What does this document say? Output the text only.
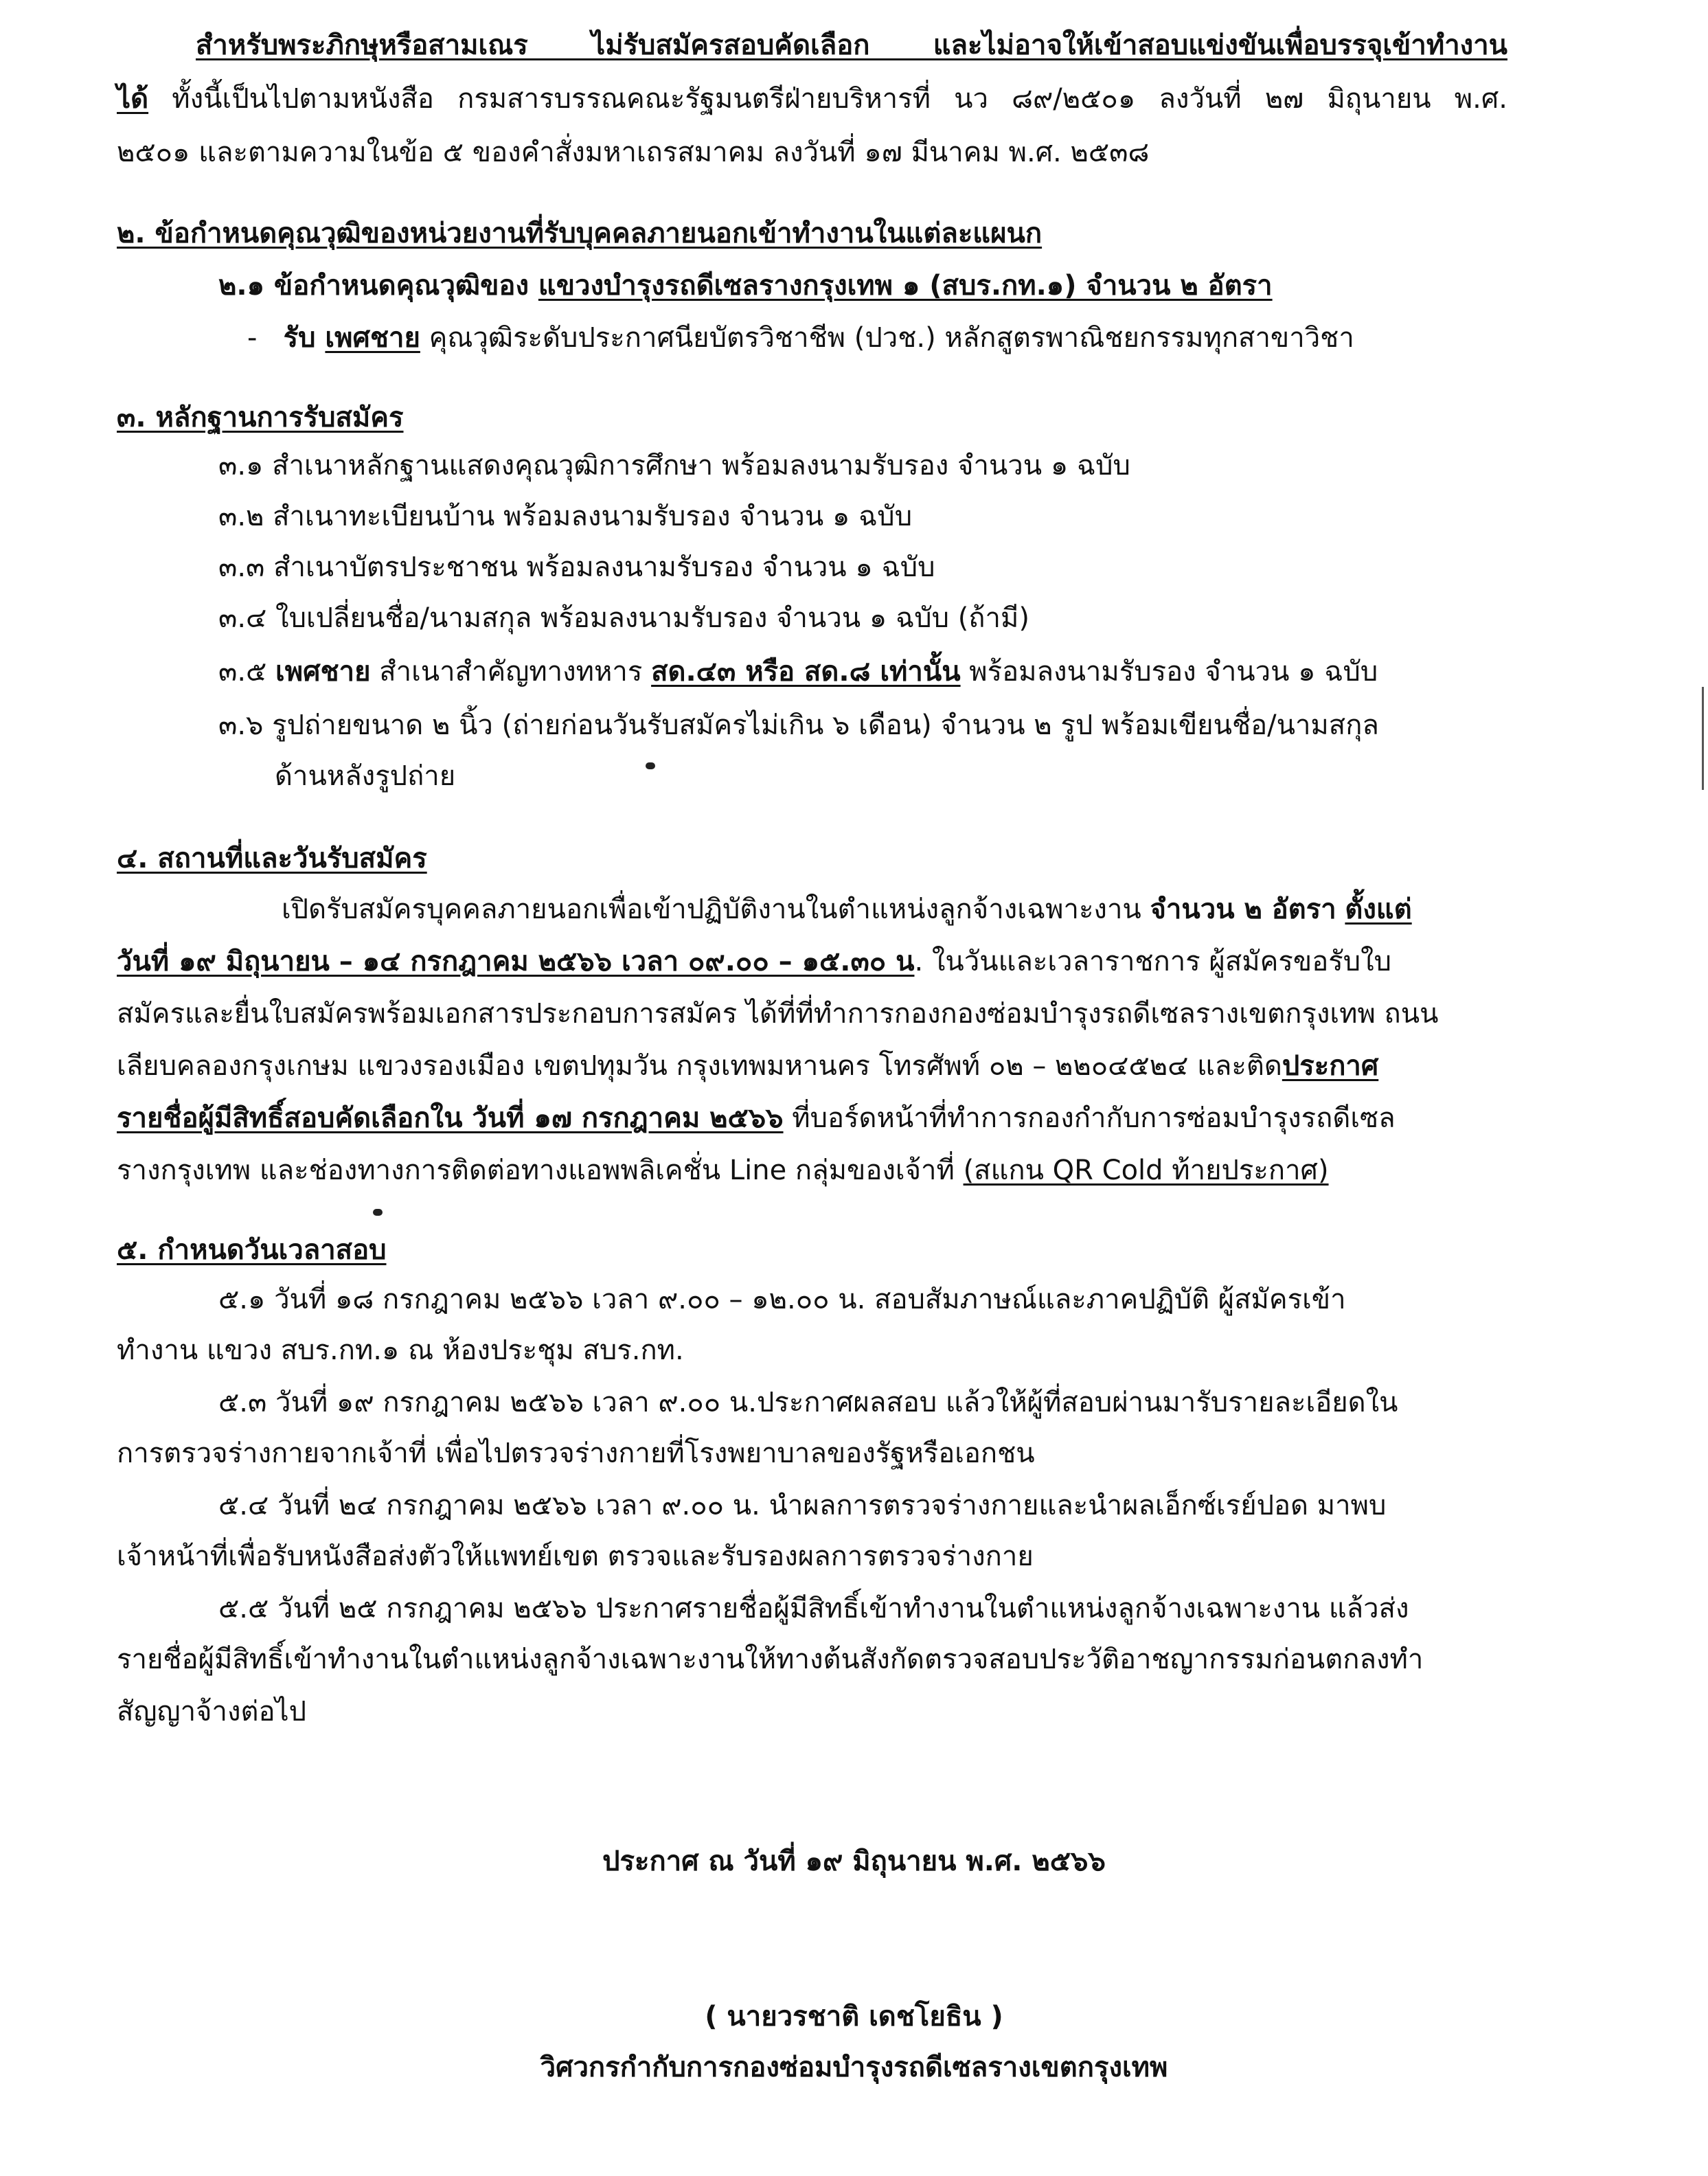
สำหรับพระภิกษุหรือสามเณร ไม่รับสมัครสอบคัดเลือก และไม่อาจให้เข้าสอบแข่งขันเพื่อบรรจุเข้าทำงาน
ได้ ทั้งนี้เป็นไปตามหนังสือ กรมสารบรรณคณะรัฐมนตรีฝ่ายบริหารที่ นว ๘๙/๒๕๐๑ ลงวันที่ ๒๗ มิถุนายน พ.ศ.
๒๕๐๑ และตามความในข้อ ๕ ของคำสั่งมหาเถรสมาคม ลงวันที่ ๑๗ มีนาคม พ.ศ. ๒๕๓๘
๒. ข้อกำหนดคุณวุฒิของหน่วยงานที่รับบุคคลภายนอกเข้าทำงานในแต่ละแผนก
๒.๑ ข้อกำหนดคุณวุฒิของ แขวงบำรุงรถดีเซลรางกรุงเทพ ๑ (สบร.กท.๑) จำนวน ๒ อัตรา
- รับ เพศชาย คุณวุฒิระดับประกาศนียบัตรวิชาชีพ (ปวช.) หลักสูตรพาณิชยกรรมทุกสาขาวิชา
๓. หลักฐานการรับสมัคร
๓.๑ สำเนาหลักฐานแสดงคุณวุฒิการศึกษา พร้อมลงนามรับรอง จำนวน ๑ ฉบับ
๓.๒ สำเนาทะเบียนบ้าน พร้อมลงนามรับรอง จำนวน ๑ ฉบับ
๓.๓ สำเนาบัตรประชาชน พร้อมลงนามรับรอง จำนวน ๑ ฉบับ
๓.๔ ใบเปลี่ยนชื่อ/นามสกุล พร้อมลงนามรับรอง จำนวน ๑ ฉบับ (ถ้ามี)
๓.๕ เพศชาย สำเนาสำคัญทางทหาร สด.๔๓ หรือ สด.๘ เท่านั้น พร้อมลงนามรับรอง จำนวน ๑ ฉบับ
๓.๖ รูปถ่ายขนาด ๒ นิ้ว (ถ่ายก่อนวันรับสมัครไม่เกิน ๖ เดือน) จำนวน ๒ รูป พร้อมเขียนชื่อ/นามสกุล
ด้านหลังรูปถ่าย
๔. สถานที่และวันรับสมัคร
เปิดรับสมัครบุคคลภายนอกเพื่อเข้าปฏิบัติงานในตำแหน่งลูกจ้างเฉพาะงาน จำนวน ๒ อัตรา ตั้งแต่
วันที่ ๑๙ มิถุนายน – ๑๔ กรกฎาคม ๒๕๖๖ เวลา ๐๙.๐๐ – ๑๕.๓๐ น. ในวันและเวลาราชการ ผู้สมัครขอรับใบ
สมัครและยื่นใบสมัครพร้อมเอกสารประกอบการสมัคร ได้ที่ที่ทำการกองกองซ่อมบำรุงรถดีเซลรางเขตกรุงเทพ ถนน
เลียบคลองกรุงเกษม แขวงรองเมือง เขตปทุมวัน กรุงเทพมหานคร โทรศัพท์ ๐๒ – ๒๒๐๔๕๒๔ และติดประกาศ
รายชื่อผู้มีสิทธิ์สอบคัดเลือกใน วันที่ ๑๗ กรกฎาคม ๒๕๖๖ ที่บอร์ดหน้าที่ทำการกองกำกับการซ่อมบำรุงรถดีเซล
รางกรุงเทพ และช่องทางการติดต่อทางแอพพลิเคชั่น Line กลุ่มของเจ้าที่ (สแกน QR Cold ท้ายประกาศ)
๕. กำหนดวันเวลาสอบ
๕.๑ วันที่ ๑๘ กรกฎาคม ๒๕๖๖ เวลา ๙.๐๐ – ๑๒.๐๐ น. สอบสัมภาษณ์และภาคปฏิบัติ ผู้สมัครเข้า
ทำงาน แขวง สบร.กท.๑ ณ ห้องประชุม สบร.กท.
๕.๓ วันที่ ๑๙ กรกฎาคม ๒๕๖๖ เวลา ๙.๐๐ น.ประกาศผลสอบ แล้วให้ผู้ที่สอบผ่านมารับรายละเอียดใน
การตรวจร่างกายจากเจ้าที่ เพื่อไปตรวจร่างกายที่โรงพยาบาลของรัฐหรือเอกชน
๕.๔ วันที่ ๒๔ กรกฎาคม ๒๕๖๖ เวลา ๙.๐๐ น. นำผลการตรวจร่างกายและนำผลเอ็กซ์เรย์ปอด มาพบ
เจ้าหน้าที่เพื่อรับหนังสือส่งตัวให้แพทย์เขต ตรวจและรับรองผลการตรวจร่างกาย
๕.๕ วันที่ ๒๕ กรกฎาคม ๒๕๖๖ ประกาศรายชื่อผู้มีสิทธิ์เข้าทำงานในตำแหน่งลูกจ้างเฉพาะงาน แล้วส่ง
รายชื่อผู้มีสิทธิ์เข้าทำงานในตำแหน่งลูกจ้างเฉพาะงานให้ทางต้นสังกัดตรวจสอบประวัติอาชญากรรมก่อนตกลงทำ
สัญญาจ้างต่อไป
ประกาศ ณ วันที่ ๑๙ มิถุนายน พ.ศ. ๒๕๖๖
( นายวรชาติ เดชโยธิน )
วิศวกรกำกับการกองซ่อมบำรุงรถดีเซลรางเขตกรุงเทพ
